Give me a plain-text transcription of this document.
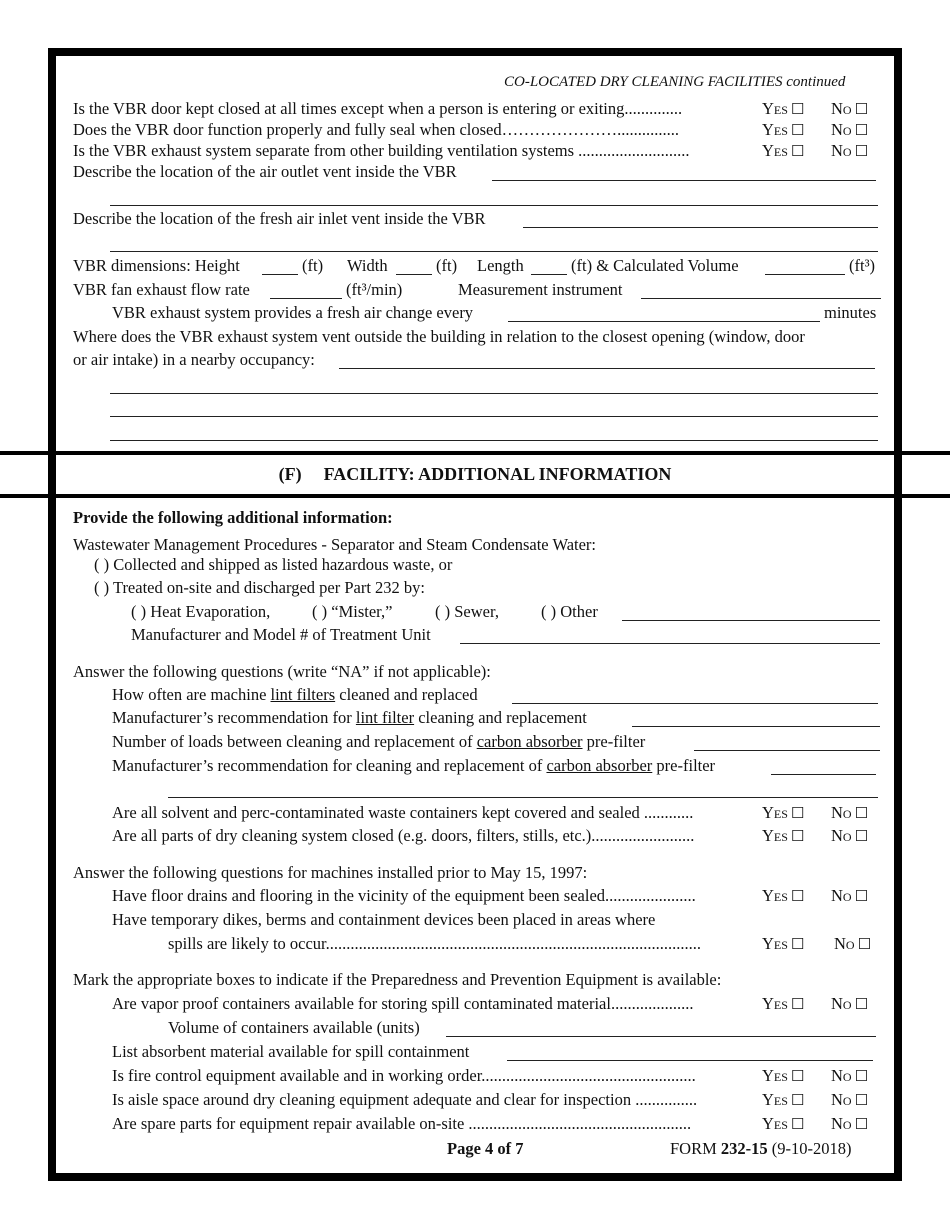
CO-LOCATED DRY CLEANING FACILITIES continued
Is the VBR door kept closed at all times except when a person is entering or exiting..............	Yes ☐ No ☐
Does the VBR door function properly and fully seal when closed…………………...............	Yes ☐ No ☐
Is the VBR exhaust system separate from other building ventilation systems ...........................	Yes ☐ No ☐
Describe the location of the air outlet vent inside the VBR
Describe the location of the fresh air inlet vent inside the VBR
VBR dimensions: Height	(ft) Width	(ft) Length	(ft) & Calculated Volume	(ft³)
VBR fan exhaust flow rate	(ft³/min)	Measurement instrument
VBR exhaust system provides a fresh air change every	minutes
Where does the VBR exhaust system vent outside the building in relation to the closest opening (window, door
or air intake) in a nearby occupancy:
(F) FACILITY: ADDITIONAL INFORMATION
Provide the following additional information:
Wastewater Management Procedures - Separator and Steam Condensate Water:
( ) Collected and shipped as listed hazardous waste, or
( ) Treated on-site and discharged per Part 232 by:
( ) Heat Evaporation,	( ) “Mister,”	( ) Sewer,	( ) Other
Manufacturer and Model # of Treatment Unit
Answer the following questions (write “NA” if not applicable):
How often are machine lint filters cleaned and replaced
Manufacturer’s recommendation for lint filter cleaning and replacement
Number of loads between cleaning and replacement of carbon absorber pre-filter
Manufacturer’s recommendation for cleaning and replacement of carbon absorber pre-filter
Are all solvent and perc-contaminated waste containers kept covered and sealed ............	Yes ☐ No ☐
Are all parts of dry cleaning system closed (e.g. doors, filters, stills, etc.).........................	Yes ☐ No ☐
Answer the following questions for machines installed prior to May 15, 1997:
Have floor drains and flooring in the vicinity of the equipment been sealed......................	Yes ☐ No ☐
Have temporary dikes, berms and containment devices been placed in areas where
spills are likely to occur...........................................................................................	Yes ☐ No ☐
Mark the appropriate boxes to indicate if the Preparedness and Prevention Equipment is available:
Are vapor proof containers available for storing spill contaminated material....................	Yes ☐ No ☐
Volume of containers available (units)
List absorbent material available for spill containment
Is fire control equipment available and in working order....................................................	Yes ☐ No ☐
Is aisle space around dry cleaning equipment adequate and clear for inspection ...............	Yes ☐ No ☐
Are spare parts for equipment repair available on-site ......................................................	Yes ☐ No ☐
Page 4 of 7	FORM 232-15 (9-10-2018)
